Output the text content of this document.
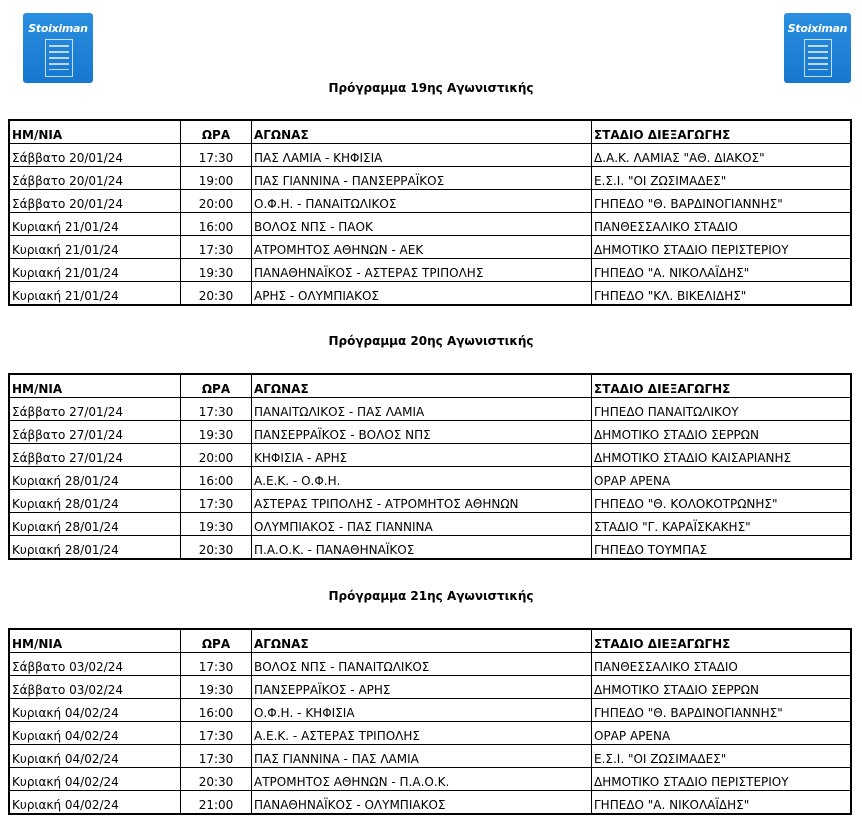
Stoiximan	Stoiximan
Πρόγραμμα 19ης Αγωνιστικής
ΗΜ/ΝΙΑ	ΩΡΑ	ΑΓΩΝΑΣ	ΣΤΑΔΙΟ ΔΙΕΞΑΓΩΓΗΣ
Σάββατο 20/01/24	17:30	ΠΑΣ ΛΑΜΙΑ - ΚΗΦΙΣΙΑ	Δ.Α.Κ. ΛΑΜΙΑΣ "ΑΘ. ΔΙΑΚΟΣ"
Σάββατο 20/01/24	19:00	ΠΑΣ ΓΙΑΝΝΙΝΑ - ΠΑΝΣΕΡΡΑΪΚΟΣ	Ε.Σ.Ι. "ΟΙ ΖΩΣΙΜΑΔΕΣ"
Σάββατο 20/01/24	20:00	Ο.Φ.Η. - ΠΑΝΑΙΤΩΛΙΚΟΣ	ΓΗΠΕΔΟ "Θ. ΒΑΡΔΙΝΟΓΙΑΝΝΗΣ"
Κυριακή 21/01/24	16:00	ΒΟΛΟΣ ΝΠΣ - ΠΑΟΚ	ΠΑΝΘΕΣΣΑΛΙΚΟ ΣΤΑΔΙΟ
Κυριακή 21/01/24	17:30	ΑΤΡΟΜΗΤΟΣ ΑΘΗΝΩΝ - ΑΕΚ	ΔΗΜΟΤΙΚΟ ΣΤΑΔΙΟ ΠΕΡΙΣΤΕΡΙΟΥ
Κυριακή 21/01/24	19:30	ΠΑΝΑΘΗΝΑΪΚΟΣ - ΑΣΤΕΡΑΣ ΤΡΙΠΟΛΗΣ	ΓΗΠΕΔΟ "Α. ΝΙΚΟΛΑΪΔΗΣ"
Κυριακή 21/01/24	20:30	ΑΡΗΣ - ΟΛΥΜΠΙΑΚΟΣ	ΓΗΠΕΔΟ "ΚΛ. ΒΙΚΕΛΙΔΗΣ"
Πρόγραμμα 20ης Αγωνιστικής
ΗΜ/ΝΙΑ	ΩΡΑ	ΑΓΩΝΑΣ	ΣΤΑΔΙΟ ΔΙΕΞΑΓΩΓΗΣ
Σάββατο 27/01/24	17:30	ΠΑΝΑΙΤΩΛΙΚΟΣ - ΠΑΣ ΛΑΜΙΑ	ΓΗΠΕΔΟ ΠΑΝΑΙΤΩΛΙΚΟΥ
Σάββατο 27/01/24	19:30	ΠΑΝΣΕΡΡΑΪΚΟΣ - ΒΟΛΟΣ ΝΠΣ	ΔΗΜΟΤΙΚΟ ΣΤΑΔΙΟ ΣΕΡΡΩΝ
Σάββατο 27/01/24	20:00	ΚΗΦΙΣΙΑ - ΑΡΗΣ	ΔΗΜΟΤΙΚΟ ΣΤΑΔΙΟ ΚΑΙΣΑΡΙΑΝΗΣ
Κυριακή 28/01/24	16:00	Α.Ε.Κ. - Ο.Φ.Η.	ΟΡΑΡ ΑΡΕΝΑ
Κυριακή 28/01/24	17:30	ΑΣΤΕΡΑΣ ΤΡΙΠΟΛΗΣ - ΑΤΡΟΜΗΤΟΣ ΑΘΗΝΩΝ	ΓΗΠΕΔΟ "Θ. ΚΟΛΟΚΟΤΡΩΝΗΣ"
Κυριακή 28/01/24	19:30	ΟΛΥΜΠΙΑΚΟΣ - ΠΑΣ ΓΙΑΝΝΙΝΑ	ΣΤΑΔΙΟ "Γ. ΚΑΡΑΪΣΚΑΚΗΣ"
Κυριακή 28/01/24	20:30	Π.Α.Ο.Κ. - ΠΑΝΑΘΗΝΑΪΚΟΣ	ΓΗΠΕΔΟ ΤΟΥΜΠΑΣ
Πρόγραμμα 21ης Αγωνιστικής
ΗΜ/ΝΙΑ	ΩΡΑ	ΑΓΩΝΑΣ	ΣΤΑΔΙΟ ΔΙΕΞΑΓΩΓΗΣ
Σάββατο 03/02/24	17:30	ΒΟΛΟΣ ΝΠΣ - ΠΑΝΑΙΤΩΛΙΚΟΣ	ΠΑΝΘΕΣΣΑΛΙΚΟ ΣΤΑΔΙΟ
Σάββατο 03/02/24	19:30	ΠΑΝΣΕΡΡΑΪΚΟΣ - ΑΡΗΣ	ΔΗΜΟΤΙΚΟ ΣΤΑΔΙΟ ΣΕΡΡΩΝ
Κυριακή 04/02/24	16:00	Ο.Φ.Η. - ΚΗΦΙΣΙΑ	ΓΗΠΕΔΟ "Θ. ΒΑΡΔΙΝΟΓΙΑΝΝΗΣ"
Κυριακή 04/02/24	17:30	Α.Ε.Κ. - ΑΣΤΕΡΑΣ ΤΡΙΠΟΛΗΣ	ΟΡΑΡ ΑΡΕΝΑ
Κυριακή 04/02/24	17:30	ΠΑΣ ΓΙΑΝΝΙΝΑ - ΠΑΣ ΛΑΜΙΑ	Ε.Σ.Ι. "ΟΙ ΖΩΣΙΜΑΔΕΣ"
Κυριακή 04/02/24	20:30	ΑΤΡΟΜΗΤΟΣ ΑΘΗΝΩΝ - Π.Α.Ο.Κ.	ΔΗΜΟΤΙΚΟ ΣΤΑΔΙΟ ΠΕΡΙΣΤΕΡΙΟΥ
Κυριακή 04/02/24	21:00	ΠΑΝΑΘΗΝΑΪΚΟΣ - ΟΛΥΜΠΙΑΚΟΣ	ΓΗΠΕΔΟ "Α. ΝΙΚΟΛΑΪΔΗΣ"
